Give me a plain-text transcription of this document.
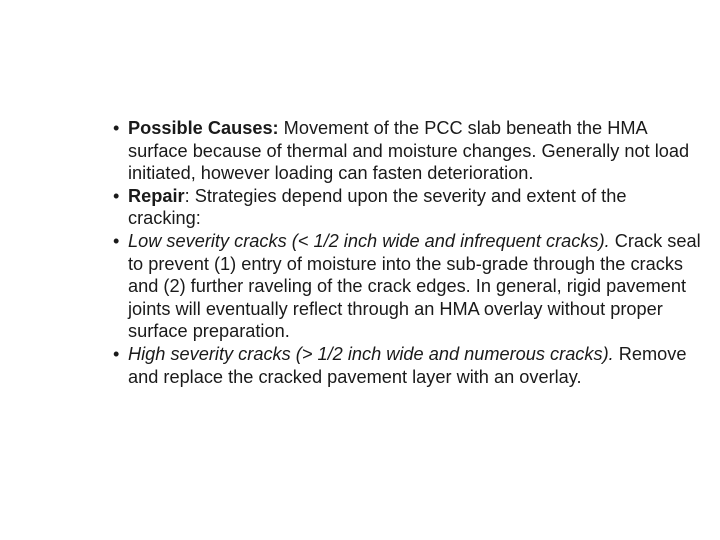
• Possible Causes: Movement of the PCC slab beneath the HMA surface because of thermal and moisture changes. Generally not load initiated, however loading can fasten deterioration.
• Repair: Strategies depend upon the severity and extent of the cracking:
• Low severity cracks (< 1/2 inch wide and infrequent cracks). Crack seal to prevent (1) entry of moisture into the sub-grade through the cracks and (2) further raveling of the crack edges. In general, rigid pavement joints will eventually reflect through an HMA overlay without proper surface preparation.
• High severity cracks (> 1/2 inch wide and numerous cracks). Remove and replace the cracked pavement layer with an overlay.
